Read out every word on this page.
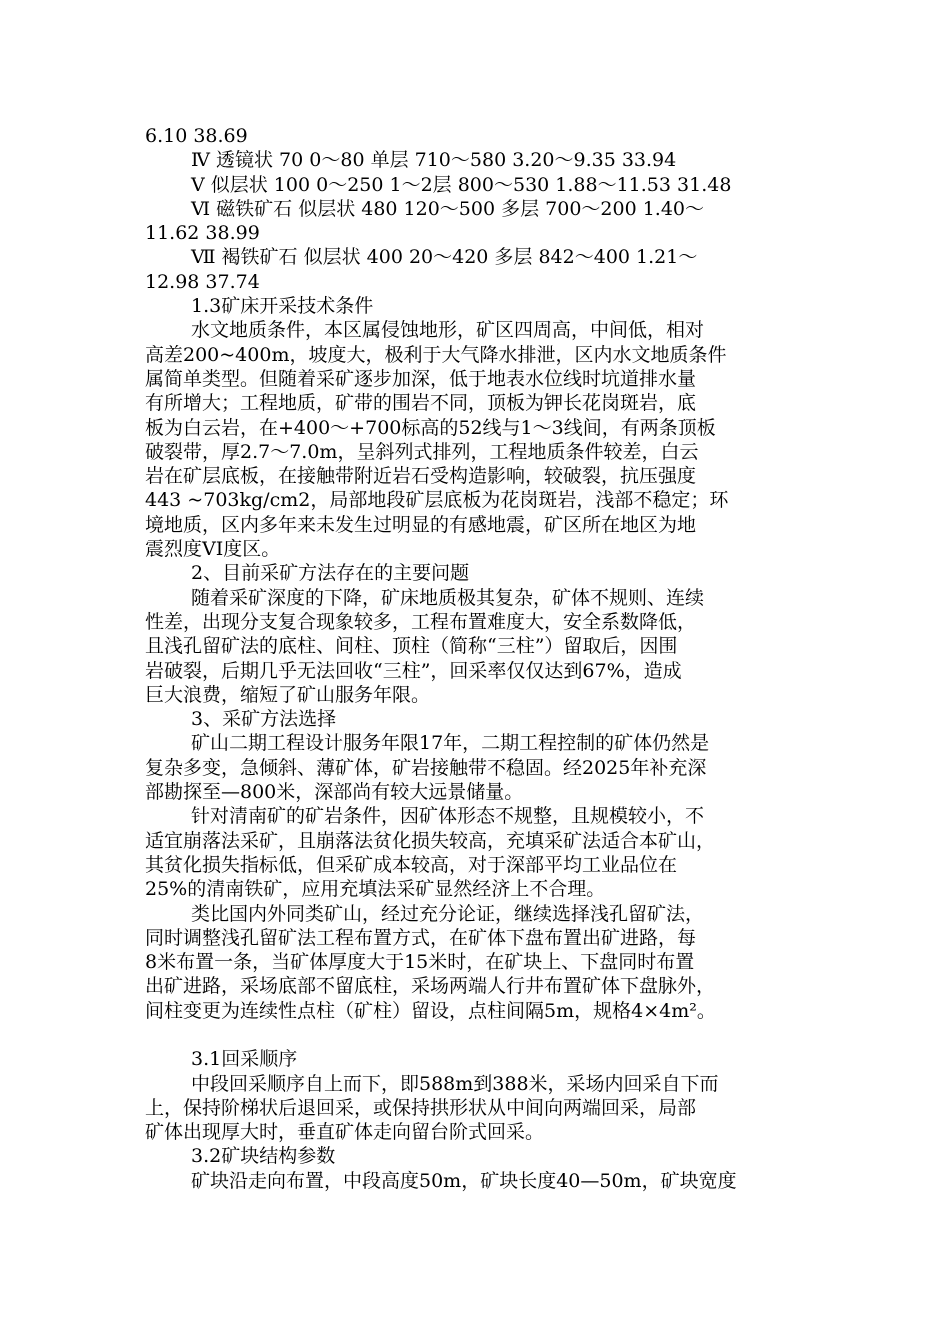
6.10 38.69
Ⅳ 透镜状 70 0～80 单层 710～580 3.20～9.35 33.94
Ⅴ 似层状 100 0～250 1～2层 800～530 1.88～11.53 31.48
Ⅵ 磁铁矿石 似层状 480 120～500 多层 700～200 1.40～
11.62 38.99
Ⅶ 褐铁矿石 似层状 400 20～420 多层 842～400 1.21～
12.98 37.74
1.3矿床开采技术条件
水文地质条件，本区属侵蚀地形，矿区四周高，中间低，相对
高差200~400m，坡度大，极利于大气降水排泄，区内水文地质条件
属简单类型。但随着采矿逐步加深，低于地表水位线时坑道排水量
有所增大；工程地质，矿带的围岩不同，顶板为钾长花岗斑岩，底
板为白云岩，在+400～+700标高的52线与1～3线间，有两条顶板
破裂带，厚2.7～7.0m，呈斜列式排列，工程地质条件较差，白云
岩在矿层底板，在接触带附近岩石受构造影响，较破裂，抗压强度
443 ~703kg/cm2，局部地段矿层底板为花岗斑岩，浅部不稳定；环
境地质，区内多年来未发生过明显的有感地震，矿区所在地区为地
震烈度VI度区。
2、目前采矿方法存在的主要问题
随着采矿深度的下降，矿床地质极其复杂，矿体不规则、连续
性差，出现分支复合现象较多，工程布置难度大，安全系数降低，
且浅孔留矿法的底柱、间柱、顶柱（简称“三柱”）留取后，因围
岩破裂，后期几乎无法回收“三柱”，回采率仅仅达到67%，造成
巨大浪费，缩短了矿山服务年限。
3、采矿方法选择
矿山二期工程设计服务年限17年，二期工程控制的矿体仍然是
复杂多变，急倾斜、薄矿体，矿岩接触带不稳固。经2025年补充深
部勘探至—800米，深部尚有较大远景储量。
针对清南矿的矿岩条件，因矿体形态不规整，且规模较小，不
适宜崩落法采矿，且崩落法贫化损失较高，充填采矿法适合本矿山，
其贫化损失指标低，但采矿成本较高，对于深部平均工业品位在
25%的清南铁矿，应用充填法采矿显然经济上不合理。
类比国内外同类矿山，经过充分论证，继续选择浅孔留矿法，
同时调整浅孔留矿法工程布置方式，在矿体下盘布置出矿进路，每
8米布置一条，当矿体厚度大于15米时，在矿块上、下盘同时布置
出矿进路，采场底部不留底柱，采场两端人行井布置矿体下盘脉外，
间柱变更为连续性点柱（矿柱）留设，点柱间隔5m，规格4×4m²。
3.1回采顺序
中段回采顺序自上而下，即588m到388米，采场内回采自下而
上，保持阶梯状后退回采，或保持拱形状从中间向两端回采，局部
矿体出现厚大时，垂直矿体走向留台阶式回采。
3.2矿块结构参数
矿块沿走向布置，中段高度50m，矿块长度40—50m，矿块宽度
